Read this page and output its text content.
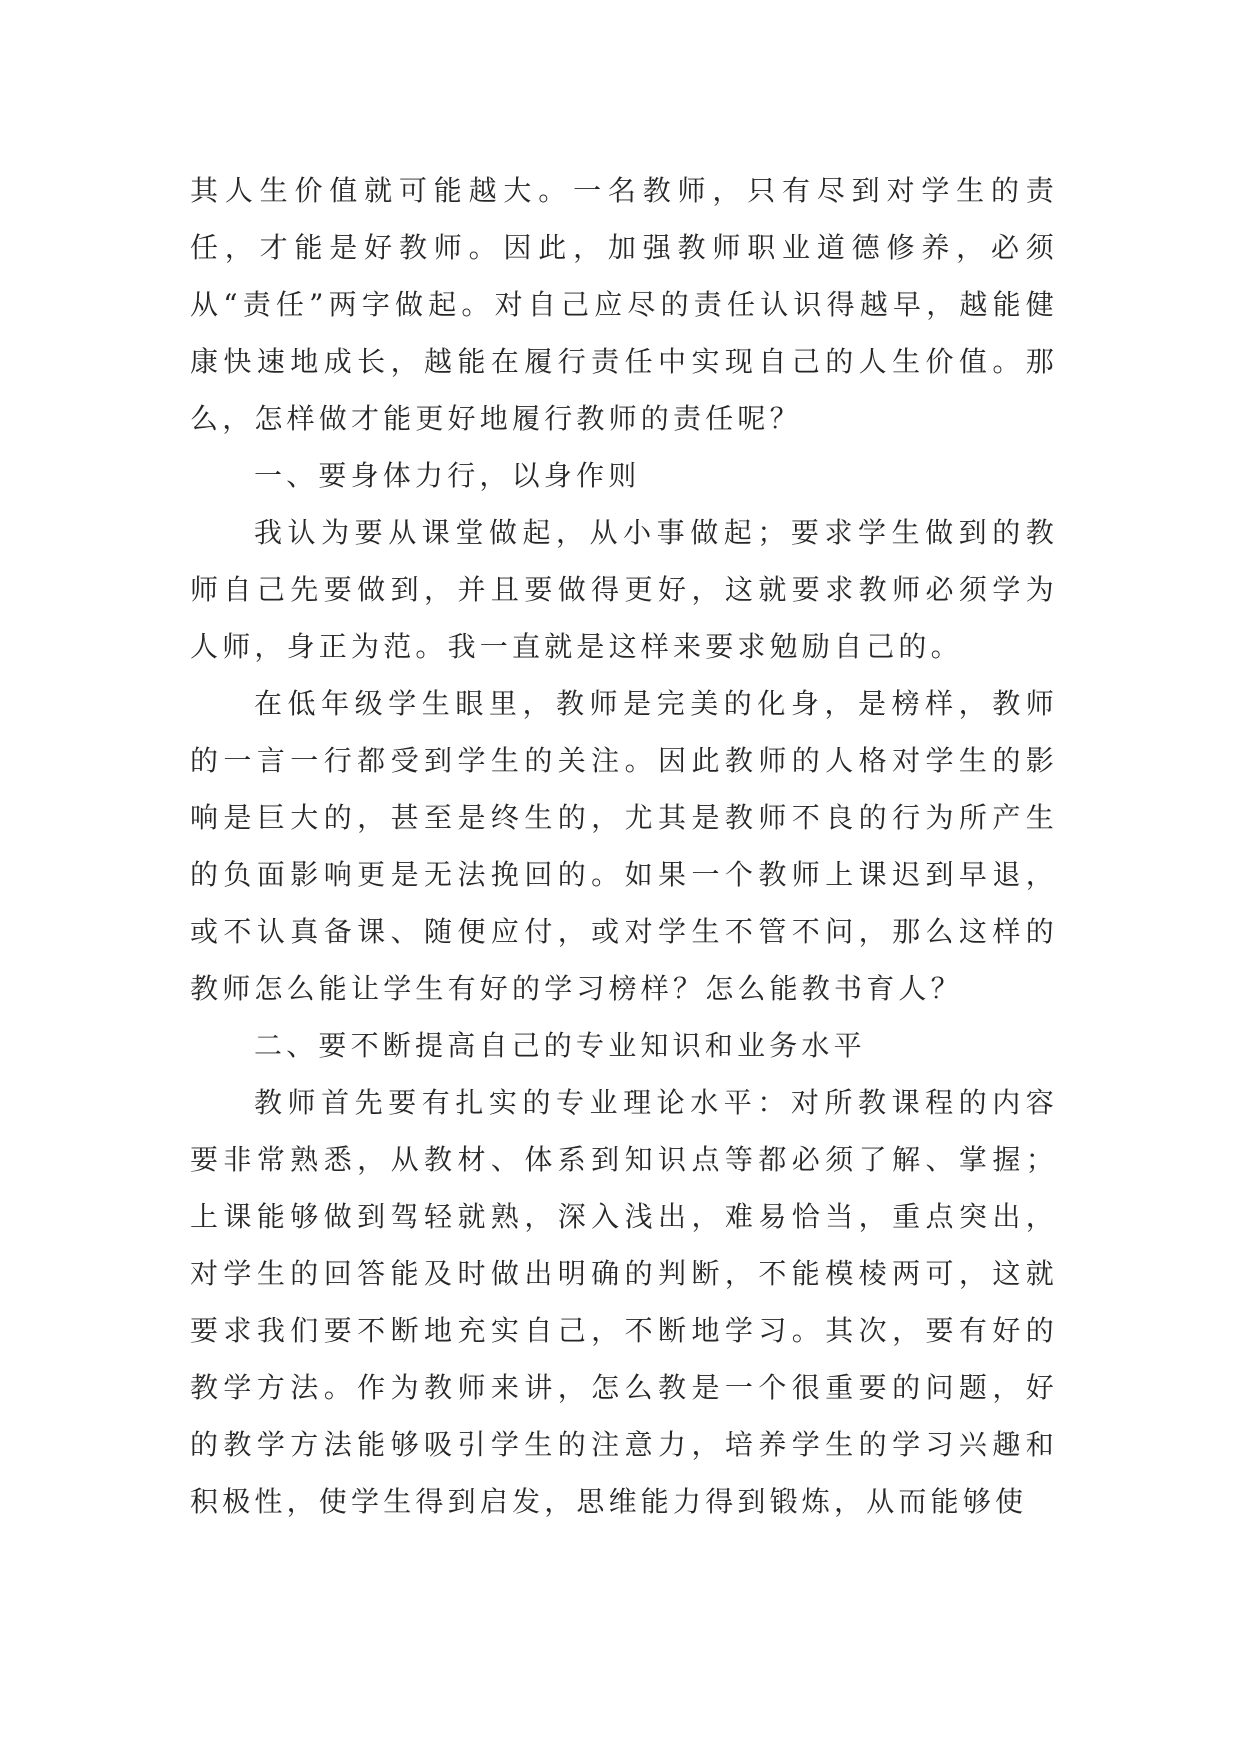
其人生价值就可能越大。一名教师，只有尽到对学生的责任，才能是好教师。因此，加强教师职业道德修养，必须从“责任”两字做起。对自己应尽的责任认识得越早，越能健康快速地成长，越能在履行责任中实现自己的人生价值。那么，怎样做才能更好地履行教师的责任呢？

一、要身体力行，以身作则

我认为要从课堂做起，从小事做起；要求学生做到的教师自己先要做到，并且要做得更好，这就要求教师必须学为人师，身正为范。我一直就是这样来要求勉励自己的。

在低年级学生眼里，教师是完美的化身，是榜样，教师的一言一行都受到学生的关注。因此教师的人格对学生的影响是巨大的，甚至是终生的，尤其是教师不良的行为所产生的负面影响更是无法挽回的。如果一个教师上课迟到早退，或不认真备课、随便应付，或对学生不管不问，那么这样的教师怎么能让学生有好的学习榜样？怎么能教书育人？

二、要不断提高自己的专业知识和业务水平

教师首先要有扎实的专业理论水平：对所教课程的内容要非常熟悉，从教材、体系到知识点等都必须了解、掌握；上课能够做到驾轻就熟，深入浅出，难易恰当，重点突出，对学生的回答能及时做出明确的判断，不能模棱两可，这就要求我们要不断地充实自己，不断地学习。其次，要有好的教学方法。作为教师来讲，怎么教是一个很重要的问题，好的教学方法能够吸引学生的注意力，培养学生的学习兴趣和积极性，使学生得到启发，思维能力得到锻炼，从而能够使
